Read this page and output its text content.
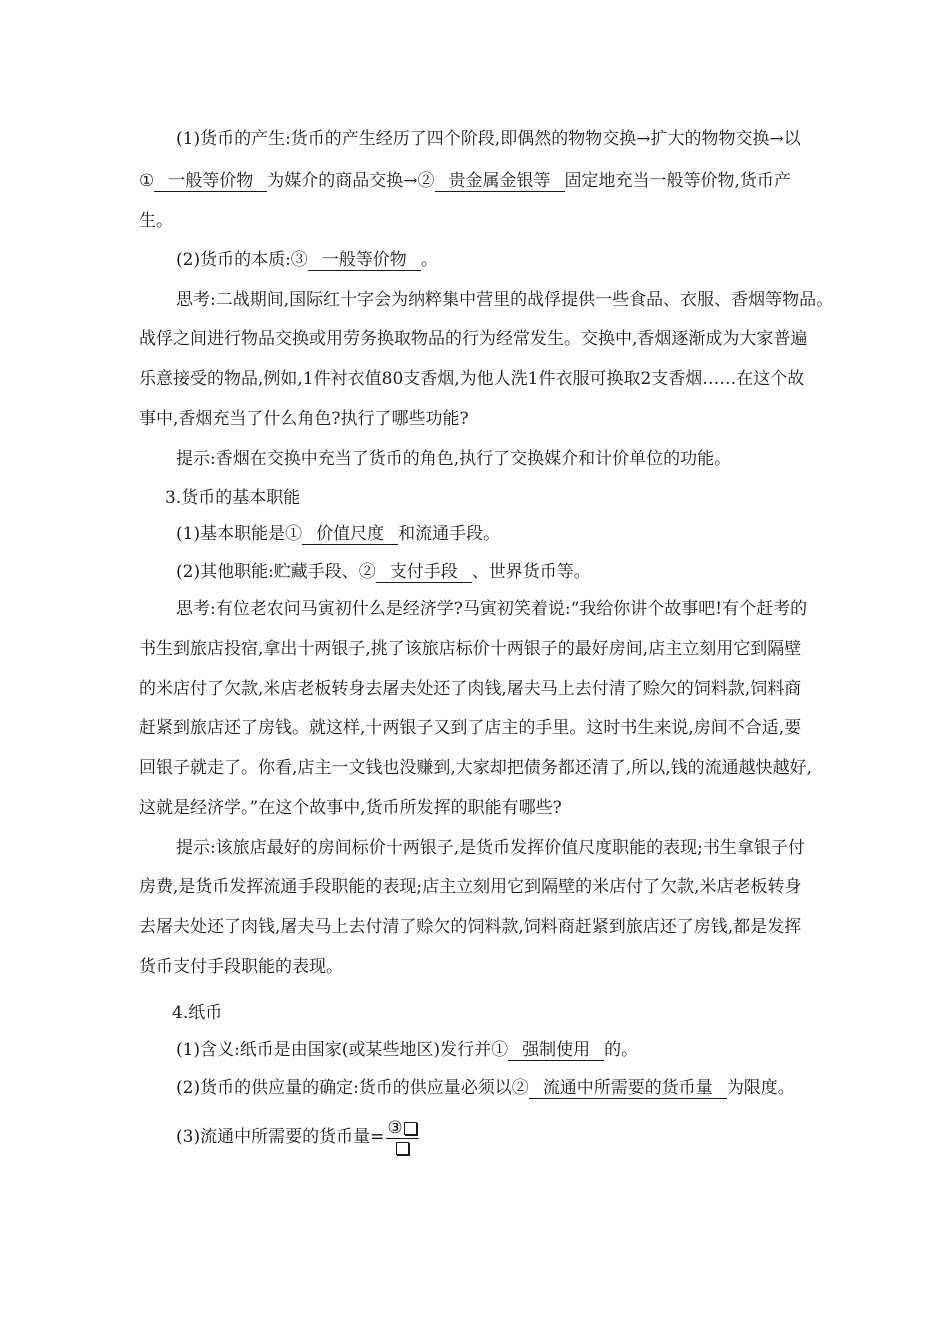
(1)货币的产生:货币的产生经历了四个阶段,即偶然的物物交换→扩大的物物交换→以
① 一般等价物 为媒介的商品交换→② 贵金属金银等 固定地充当一般等价物,货币产
生。
(2)货币的本质:③ 一般等价物 。
思考:二战期间,国际红十字会为纳粹集中营里的战俘提供一些食品、衣服、香烟等物品。
战俘之间进行物品交换或用劳务换取物品的行为经常发生。交换中,香烟逐渐成为大家普遍
乐意接受的物品,例如,1件衬衣值80支香烟,为他人洗1件衣服可换取2支香烟……在这个故
事中,香烟充当了什么角色?执行了哪些功能?
提示:香烟在交换中充当了货币的角色,执行了交换媒介和计价单位的功能。
3.货币的基本职能
(1)基本职能是① 价值尺度 和流通手段。
(2)其他职能:贮藏手段、② 支付手段 、世界货币等。
思考:有位老农问马寅初什么是经济学?马寅初笑着说:“我给你讲个故事吧!有个赶考的
书生到旅店投宿,拿出十两银子,挑了该旅店标价十两银子的最好房间,店主立刻用它到隔壁
的米店付了欠款,米店老板转身去屠夫处还了肉钱,屠夫马上去付清了赊欠的饲料款,饲料商
赶紧到旅店还了房钱。就这样,十两银子又到了店主的手里。这时书生来说,房间不合适,要
回银子就走了。你看,店主一文钱也没赚到,大家却把债务都还清了,所以,钱的流通越快越好,
这就是经济学。”在这个故事中,货币所发挥的职能有哪些?
提示:该旅店最好的房间标价十两银子,是货币发挥价值尺度职能的表现;书生拿银子付
房费,是货币发挥流通手段职能的表现;店主立刻用它到隔壁的米店付了欠款,米店老板转身
去屠夫处还了肉钱,屠夫马上去付清了赊欠的饲料款,饲料商赶紧到旅店还了房钱,都是发挥
货币支付手段职能的表现。
4.纸币
(1)含义:纸币是由国家(或某些地区)发行并① 强制使用 的。
(2)货币的供应量的确定:货币的供应量必须以② 流通中所需要的货币量 为限度。
(3)流通中所需要的货币量= ③
